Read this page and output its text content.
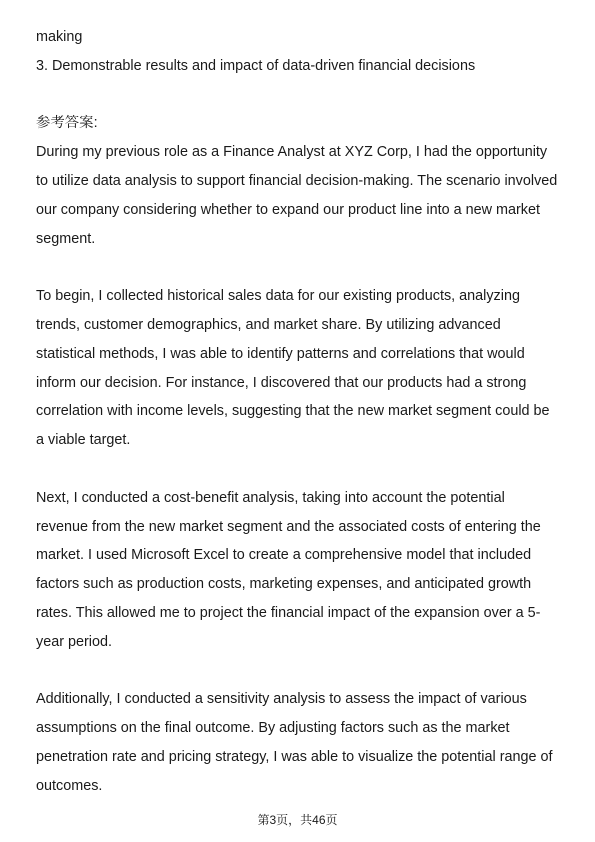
making
3. Demonstrable results and impact of data-driven financial decisions
参考答案:
During my previous role as a Finance Analyst at XYZ Corp, I had the opportunity
to utilize data analysis to support financial decision-making. The scenario involved
our company considering whether to expand our product line into a new market
segment.
To begin, I collected historical sales data for our existing products, analyzing
trends, customer demographics, and market share. By utilizing advanced
statistical methods, I was able to identify patterns and correlations that would
inform our decision. For instance, I discovered that our products had a strong
correlation with income levels, suggesting that the new market segment could be
a viable target.
Next, I conducted a cost-benefit analysis, taking into account the potential
revenue from the new market segment and the associated costs of entering the
market. I used Microsoft Excel to create a comprehensive model that included
factors such as production costs, marketing expenses, and anticipated growth
rates. This allowed me to project the financial impact of the expansion over a 5-
year period.
Additionally, I conducted a sensitivity analysis to assess the impact of various
assumptions on the final outcome. By adjusting factors such as the market
penetration rate and pricing strategy, I was able to visualize the potential range of
outcomes.
第3页，共46页
